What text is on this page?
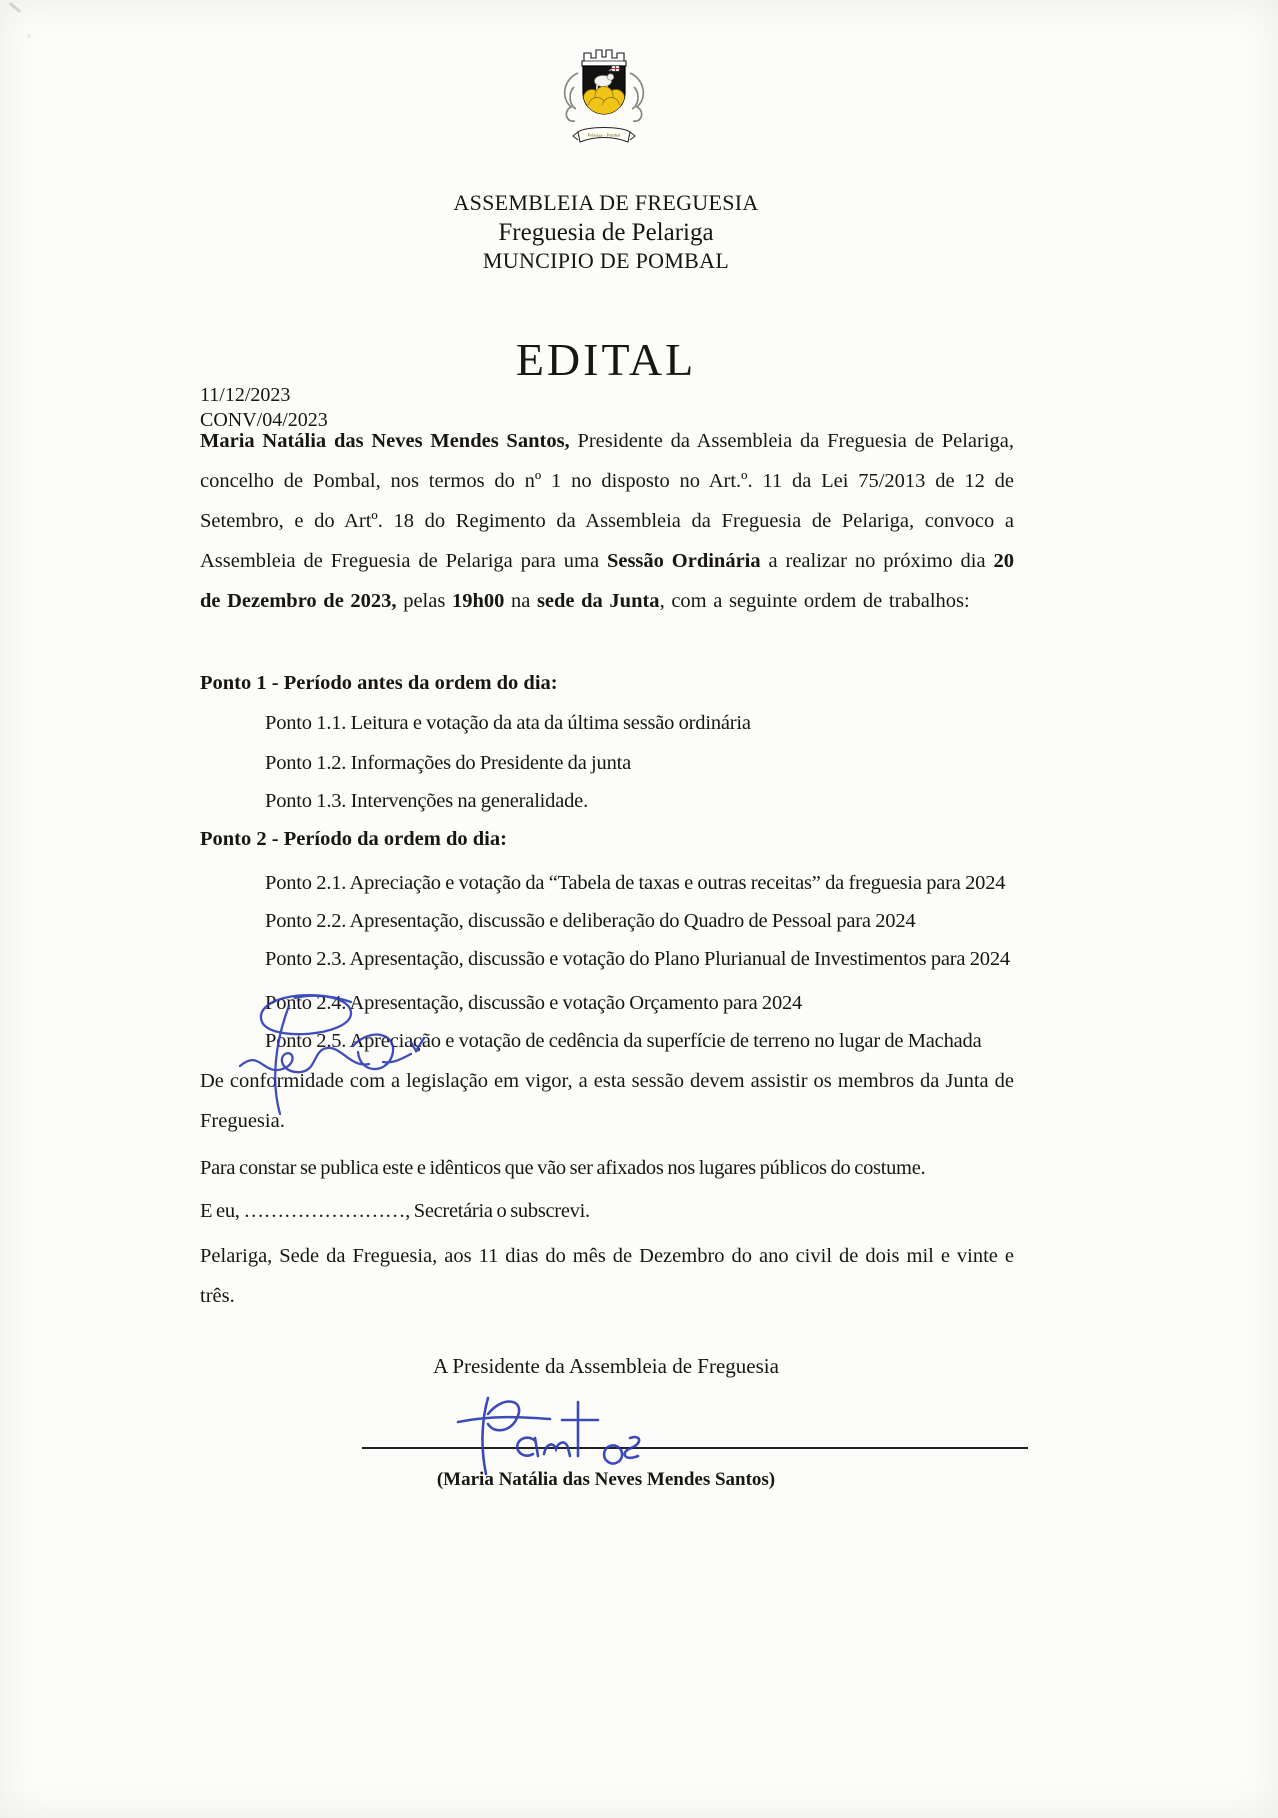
Pelariga - Pombal
ASSEMBLEIA DE FREGUESIA
Freguesia de Pelariga
MUNCIPIO DE POMBAL
EDITAL
11/12/2023
CONV/04/2023
Maria Natália das Neves Mendes Santos, Presidente da Assembleia da Freguesia de Pelariga, concelho de Pombal, nos termos do nº 1 no disposto no Art.º. 11 da Lei 75/2013 de 12 de Setembro, e do Artº. 18 do Regimento da Assembleia da Freguesia de Pelariga, convoco a Assembleia de Freguesia de Pelariga para uma Sessão Ordinária a realizar no próximo dia 20 de Dezembro de 2023, pelas 19h00 na sede da Junta, com a seguinte ordem de trabalhos:
Ponto 1 - Período antes da ordem do dia:
Ponto 1.1. Leitura e votação da ata da última sessão ordinária
Ponto 1.2. Informações do Presidente da junta
Ponto 1.3. Intervenções na generalidade.
Ponto 2 - Período da ordem do dia:
Ponto 2.1. Apreciação e votação da “Tabela de taxas e outras receitas” da freguesia para 2024
Ponto 2.2. Apresentação, discussão e deliberação do Quadro de Pessoal para 2024
Ponto 2.3. Apresentação, discussão e votação do Plano Plurianual de Investimentos para 2024
Ponto 2.4. Apresentação, discussão e votação Orçamento para 2024
Ponto 2.5. Apreciação e votação de cedência da superfície de terreno no lugar de Machada
De conformidade com a legislação em vigor, a esta sessão devem assistir os membros da Junta de Freguesia.
Para constar se publica este e idênticos que vão ser afixados nos lugares públicos do costume.
E eu, ……………………, Secretária o subscrevi.
Pelariga, Sede da Freguesia, aos 11 dias do mês de Dezembro do ano civil de dois mil e vinte e três.
A Presidente da Assembleia de Freguesia
(Maria Natália das Neves Mendes Santos)
